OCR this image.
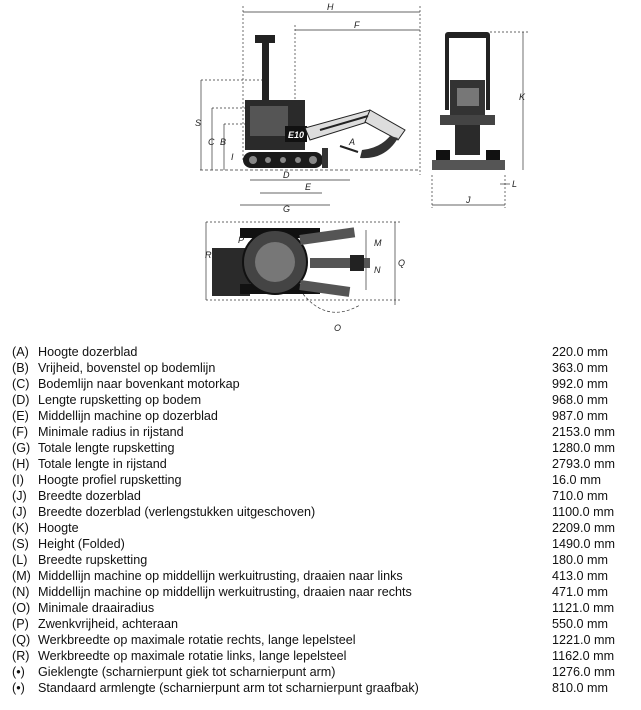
E10
H
F
S
C B	A
D
E
G
I
K
L
J
R
P	M
N
Q
O
(A) Hoogte dozerblad	220.0 mm
(B) Vrijheid, bovenstel op bodemlijn	363.0 mm
(C) Bodemlijn naar bovenkant motorkap	992.0 mm
(D) Lengte rupsketting op bodem	968.0 mm
(E) Middellijn machine op dozerblad	987.0 mm
(F) Minimale radius in rijstand	2153.0 mm
(G) Totale lengte rupsketting	1280.0 mm
(H) Totale lengte in rijstand	2793.0 mm
(I) Hoogte profiel rupsketting	16.0 mm
(J) Breedte dozerblad	710.0 mm
(J) Breedte dozerblad (verlengstukken uitgeschoven)	1100.0 mm
(K) Hoogte	2209.0 mm
(S) Height (Folded)	1490.0 mm
(L) Breedte rupsketting	180.0 mm
(M) Middellijn machine op middellijn werkuitrusting, draaien naar links	413.0 mm
(N) Middellijn machine op middellijn werkuitrusting, draaien naar rechts	471.0 mm
(O) Minimale draairadius	1121.0 mm
(P) Zwenkvrijheid, achteraan	550.0 mm
(Q) Werkbreedte op maximale rotatie rechts, lange lepelsteel	1221.0 mm
(R) Werkbreedte op maximale rotatie links, lange lepelsteel	1162.0 mm
(•) Gieklengte (scharnierpunt giek tot scharnierpunt arm)	1276.0 mm
(•) Standaard armlengte (scharnierpunt arm tot scharnierpunt graafbak)	810.0 mm
